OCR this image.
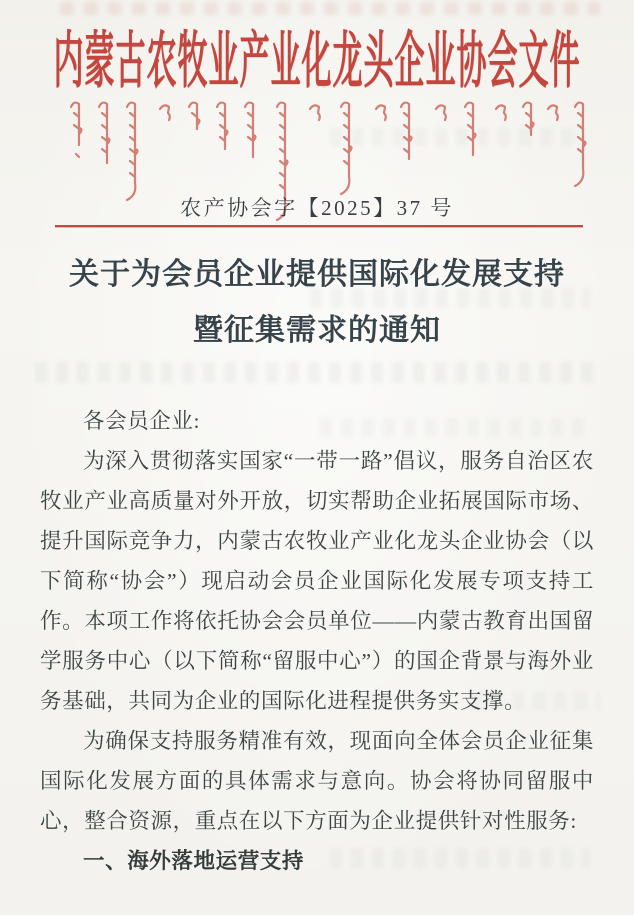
内蒙古农牧业产业化龙头企业协会文件
农产协会字【2025】37 号
关于为会员企业提供国际化发展支持
暨征集需求的通知

各会员企业:

为深入贯彻落实国家“一带一路”倡议，服务自治区农牧业产业高质量对外开放，切实帮助企业拓展国际市场、提升国际竞争力，内蒙古农牧业产业化龙头企业协会（以下简称“协会”）现启动会员企业国际化发展专项支持工作。本项工作将依托协会会员单位——内蒙古教育出国留学服务中心（以下简称“留服中心”）的国企背景与海外业务基础，共同为企业的国际化进程提供务实支撑。

为确保支持服务精准有效，现面向全体会员企业征集国际化发展方面的具体需求与意向。协会将协同留服中心，整合资源，重点在以下方面为企业提供针对性服务:

一、海外落地运营支持
